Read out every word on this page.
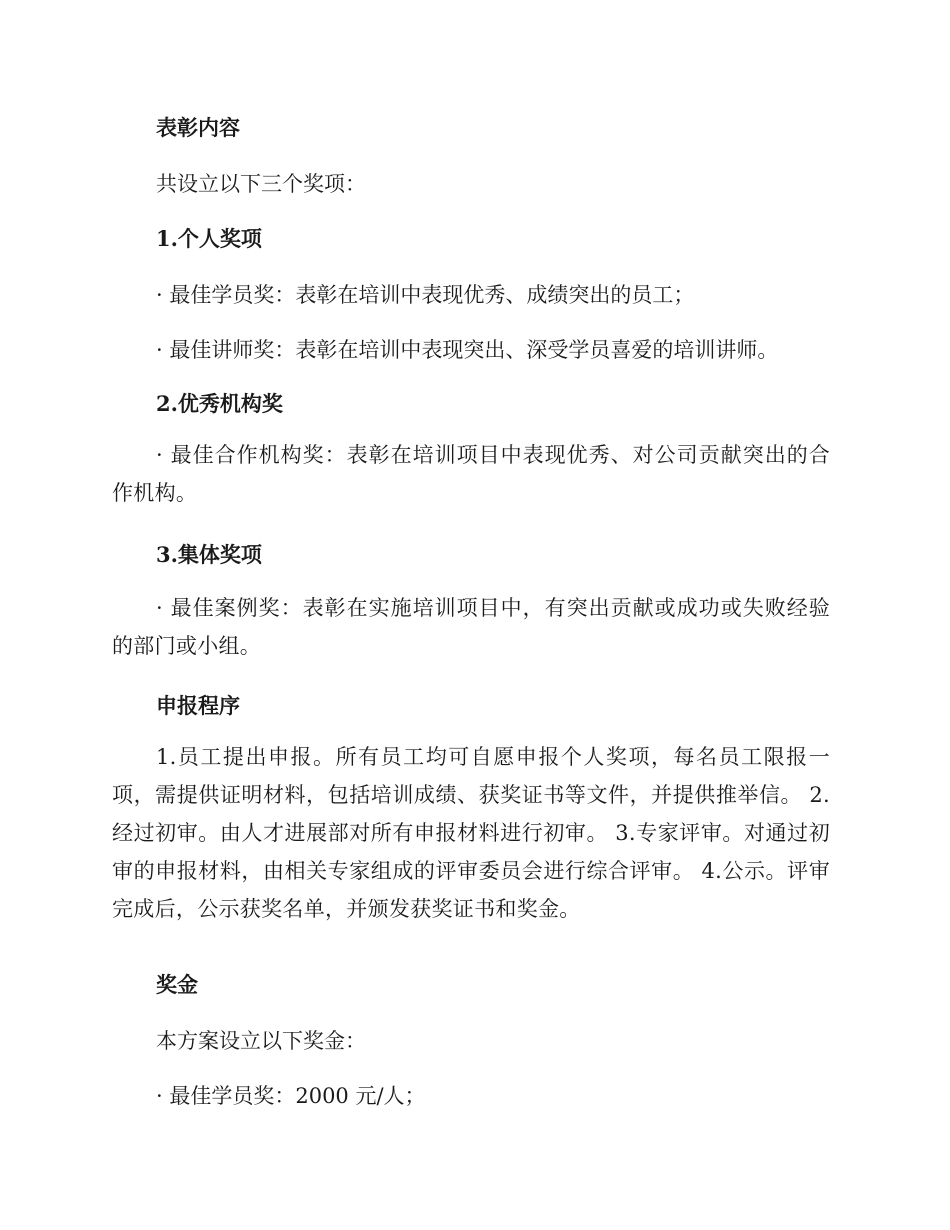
表彰内容
共设立以下三个奖项：
1.个人奖项
· 最佳学员奖：表彰在培训中表现优秀、成绩突出的员工；
· 最佳讲师奖：表彰在培训中表现突出、深受学员喜爱的培训讲师。
2.优秀机构奖
· 最佳合作机构奖：表彰在培训项目中表现优秀、对公司贡献突出的合作机构。
3.集体奖项
· 最佳案例奖：表彰在实施培训项目中，有突出贡献或成功或失败经验的部门或小组。
申报程序
1.员工提出申报。所有员工均可自愿申报个人奖项，每名员工限报一项，需提供证明材料，包括培训成绩、获奖证书等文件，并提供推举信。 2.经过初审。由人才进展部对所有申报材料进行初审。 3.专家评审。对通过初审的申报材料，由相关专家组成的评审委员会进行综合评审。 4.公示。评审完成后，公示获奖名单，并颁发获奖证书和奖金。
奖金
本方案设立以下奖金：
· 最佳学员奖：2000 元/人；
